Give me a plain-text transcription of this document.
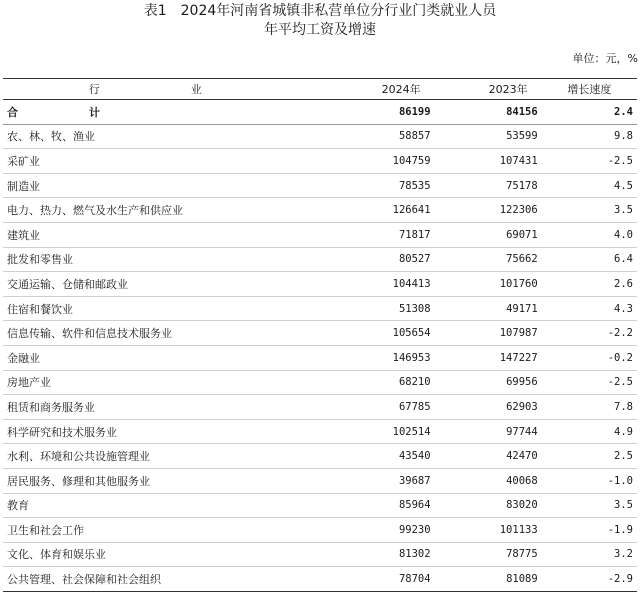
表1　2024年河南省城镇非私营单位分行业门类就业人员
年平均工资及增速
单位：元，%
行　业	2024年	2023年	增长速度
合　计	86199	84156	2.4
农、林、牧、渔业	58857	53599	9.8
采矿业	104759	107431	-2.5
制造业	78535	75178	4.5
电力、热力、燃气及水生产和供应业	126641	122306	3.5
建筑业	71817	69071	4.0
批发和零售业	80527	75662	6.4
交通运输、仓储和邮政业	104413	101760	2.6
住宿和餐饮业	51308	49171	4.3
信息传输、软件和信息技术服务业	105654	107987	-2.2
金融业	146953	147227	-0.2
房地产业	68210	69956	-2.5
租赁和商务服务业	67785	62903	7.8
科学研究和技术服务业	102514	97744	4.9
水利、环境和公共设施管理业	43540	42470	2.5
居民服务、修理和其他服务业	39687	40068	-1.0
教育	85964	83020	3.5
卫生和社会工作	99230	101133	-1.9
文化、体育和娱乐业	81302	78775	3.2
公共管理、社会保障和社会组织	78704	81089	-2.9
